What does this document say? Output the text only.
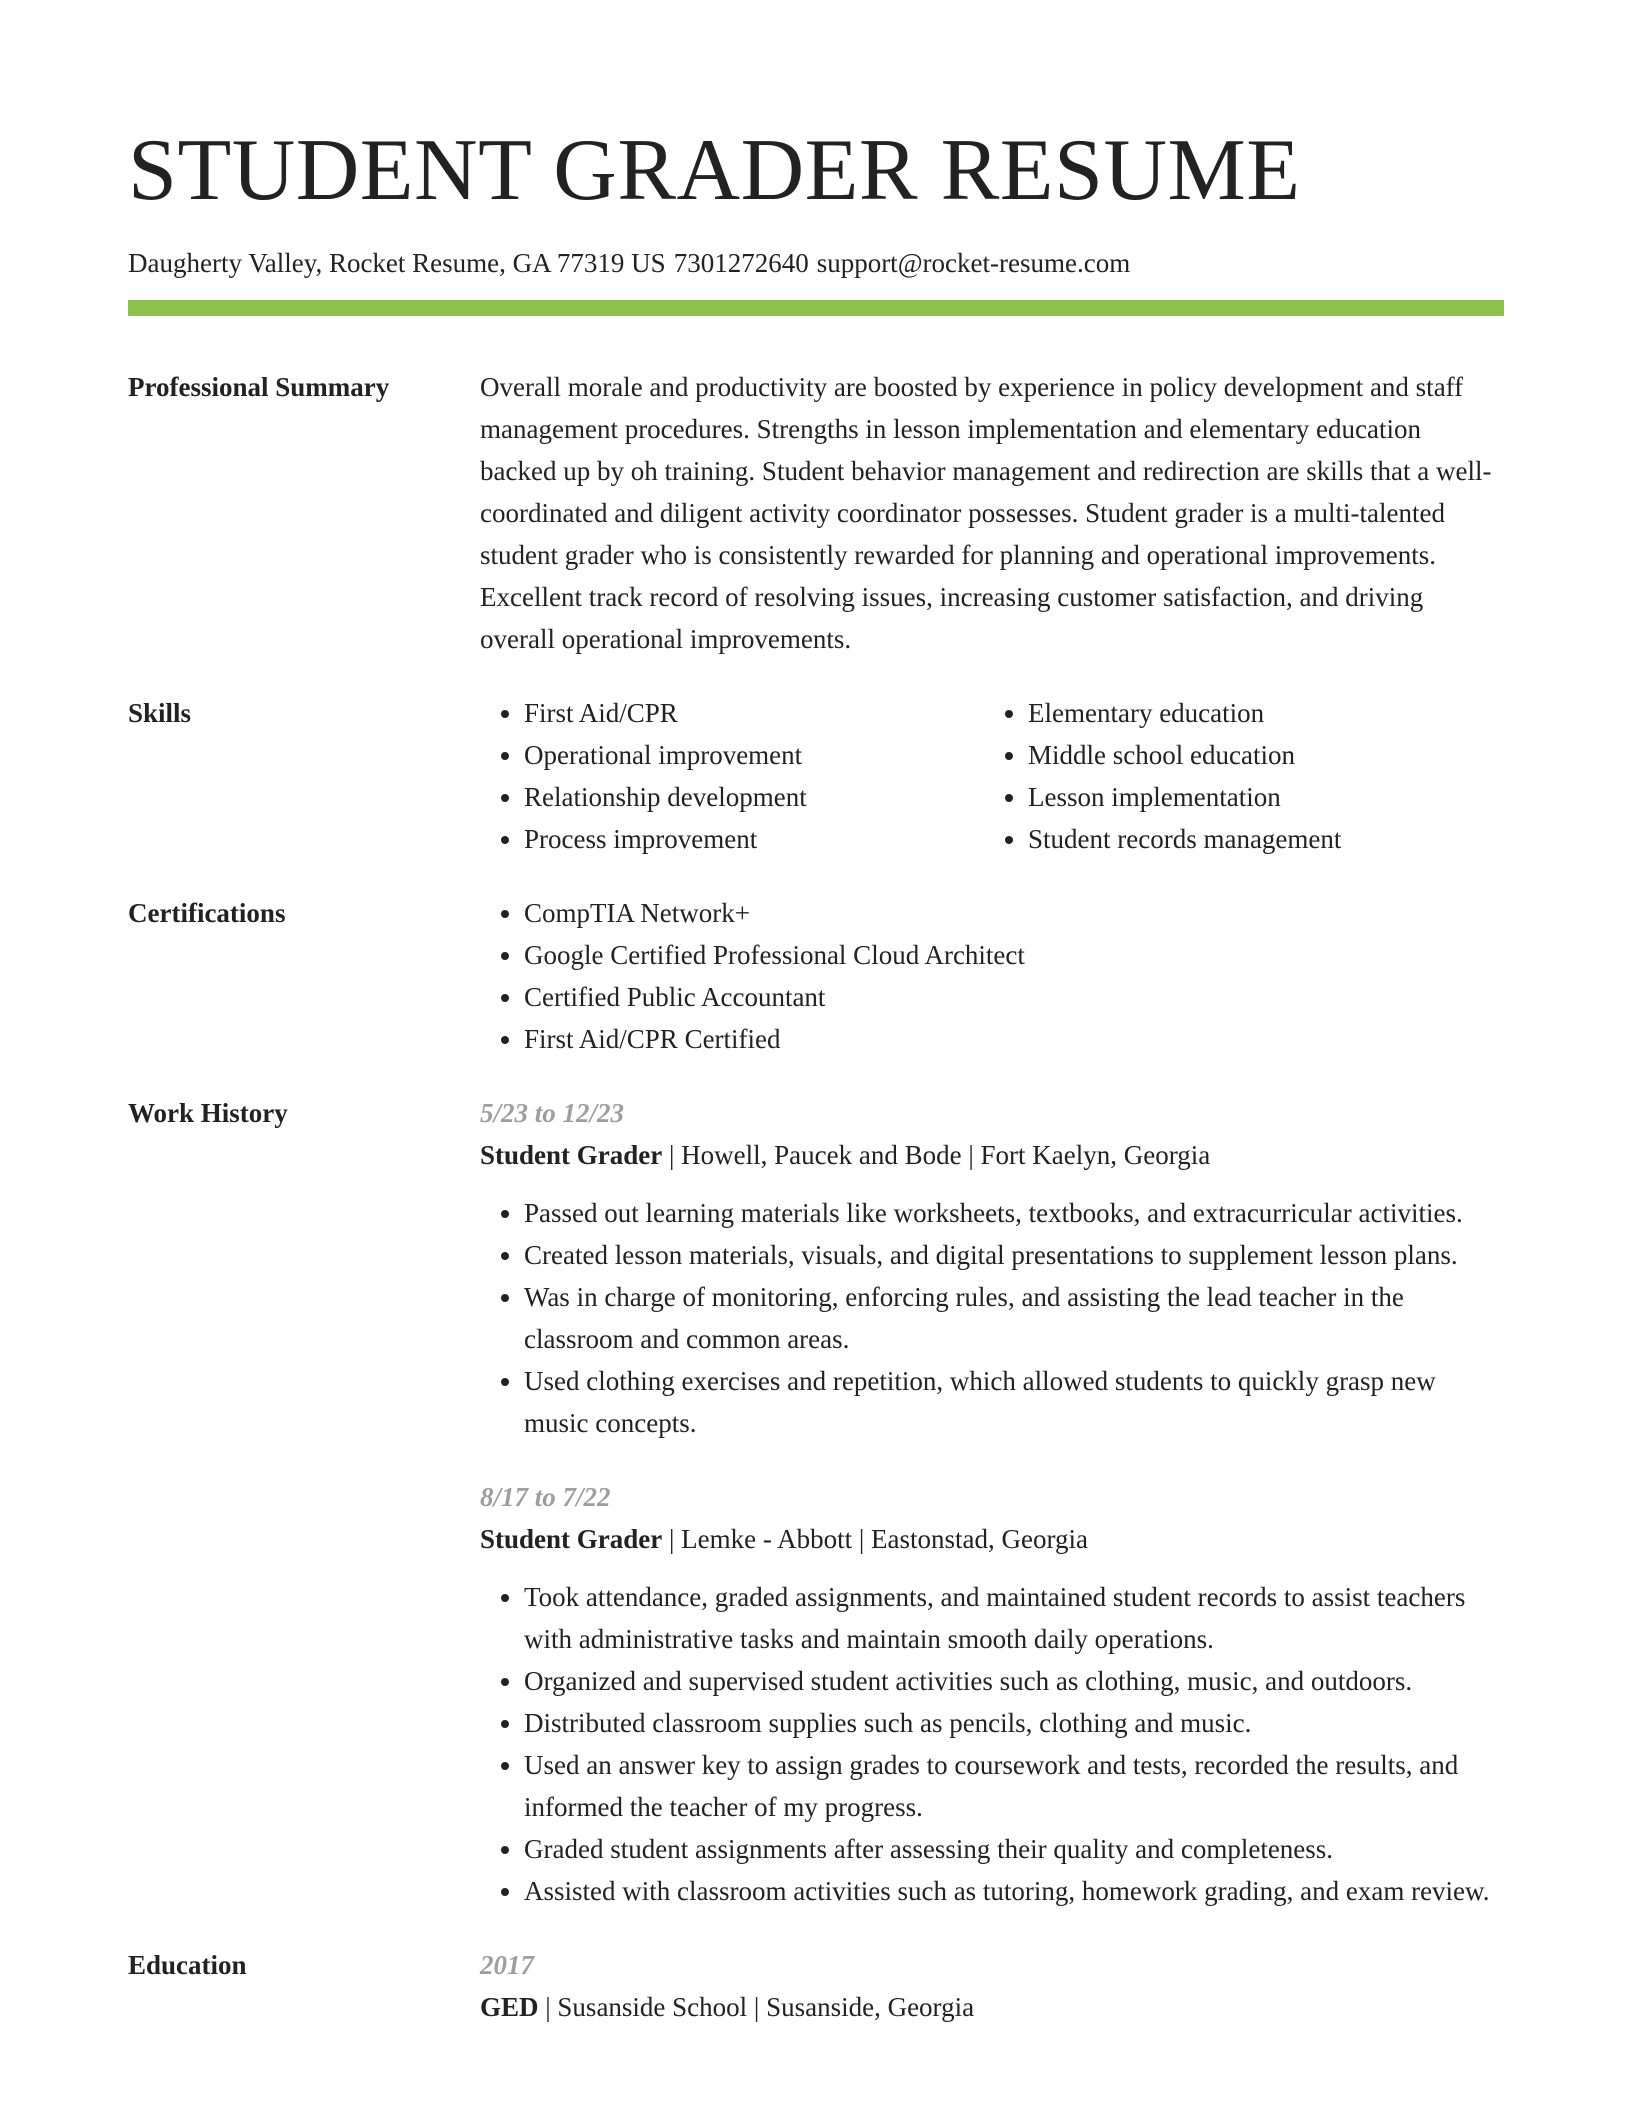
STUDENT GRADER RESUME
Daugherty Valley, Rocket Resume, GA 77319 US 7301272640 support@rocket-resume.com
Professional Summary	Overall morale and productivity are boosted by experience in policy development and staff management procedures. Strengths in lesson implementation and elementary education backed up by oh training. Student behavior management and redirection are skills that a well-coordinated and diligent activity coordinator possesses. Student grader is a multi-talented student grader who is consistently rewarded for planning and operational improvements. Excellent track record of resolving issues, increasing customer satisfaction, and driving overall operational improvements.

Skills	• First Aid/CPR
• Operational improvement
• Relationship development
• Process improvement
• Elementary education
• Middle school education
• Lesson implementation
• Student records management
Certifications	• CompTIA Network+
• Google Certified Professional Cloud Architect
• Certified Public Accountant
• First Aid/CPR Certified
Work History	5/23 to 12/23
Student Grader | Howell, Paucek and Bode | Fort Kaelyn, Georgia
• Passed out learning materials like worksheets, textbooks, and extracurricular activities.
• Created lesson materials, visuals, and digital presentations to supplement lesson plans.
• Was in charge of monitoring, enforcing rules, and assisting the lead teacher in the classroom and common areas.
• Used clothing exercises and repetition, which allowed students to quickly grasp new music concepts.
8/17 to 7/22
Student Grader | Lemke - Abbott | Eastonstad, Georgia
• Took attendance, graded assignments, and maintained student records to assist teachers with administrative tasks and maintain smooth daily operations.
• Organized and supervised student activities such as clothing, music, and outdoors.
• Distributed classroom supplies such as pencils, clothing and music.
• Used an answer key to assign grades to coursework and tests, recorded the results, and informed the teacher of my progress.
• Graded student assignments after assessing their quality and completeness.
• Assisted with classroom activities such as tutoring, homework grading, and exam review.
Education	2017
GED | Susanside School | Susanside, Georgia
